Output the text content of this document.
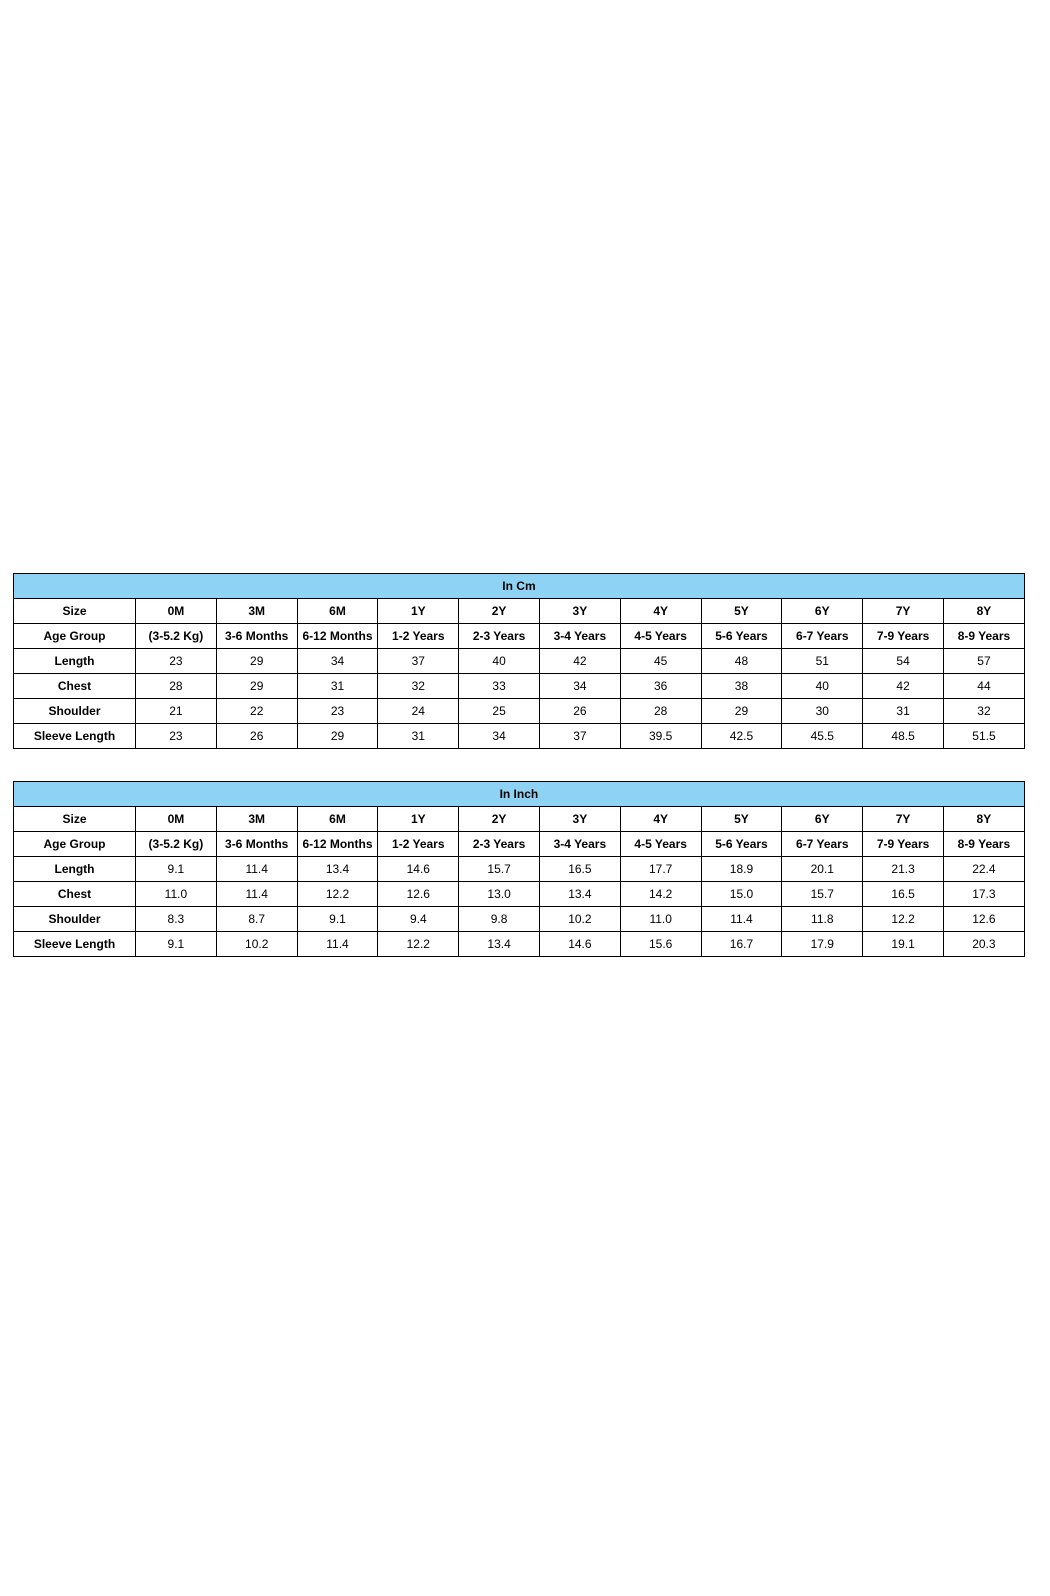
In Cm											
Size	0M	3M	6M	1Y	2Y	3Y	4Y	5Y	6Y	7Y	8Y
Age Group	(3-5.2 Kg)	3-6 Months	6-12 Months	1-2 Years	2-3 Years	3-4 Years	4-5 Years	5-6 Years	6-7 Years	7-9 Years	8-9 Years
Length	23	29	34	37	40	42	45	48	51	54	57
Chest	28	29	31	32	33	34	36	38	40	42	44
Shoulder	21	22	23	24	25	26	28	29	30	31	32
Sleeve Length	23	26	29	31	34	37	39.5	42.5	45.5	48.5	51.5
In Inch											
Size	0M	3M	6M	1Y	2Y	3Y	4Y	5Y	6Y	7Y	8Y
Age Group	(3-5.2 Kg)	3-6 Months	6-12 Months	1-2 Years	2-3 Years	3-4 Years	4-5 Years	5-6 Years	6-7 Years	7-9 Years	8-9 Years
Length	9.1	11.4	13.4	14.6	15.7	16.5	17.7	18.9	20.1	21.3	22.4
Chest	11.0	11.4	12.2	12.6	13.0	13.4	14.2	15.0	15.7	16.5	17.3
Shoulder	8.3	8.7	9.1	9.4	9.8	10.2	11.0	11.4	11.8	12.2	12.6
Sleeve Length	9.1	10.2	11.4	12.2	13.4	14.6	15.6	16.7	17.9	19.1	20.3
